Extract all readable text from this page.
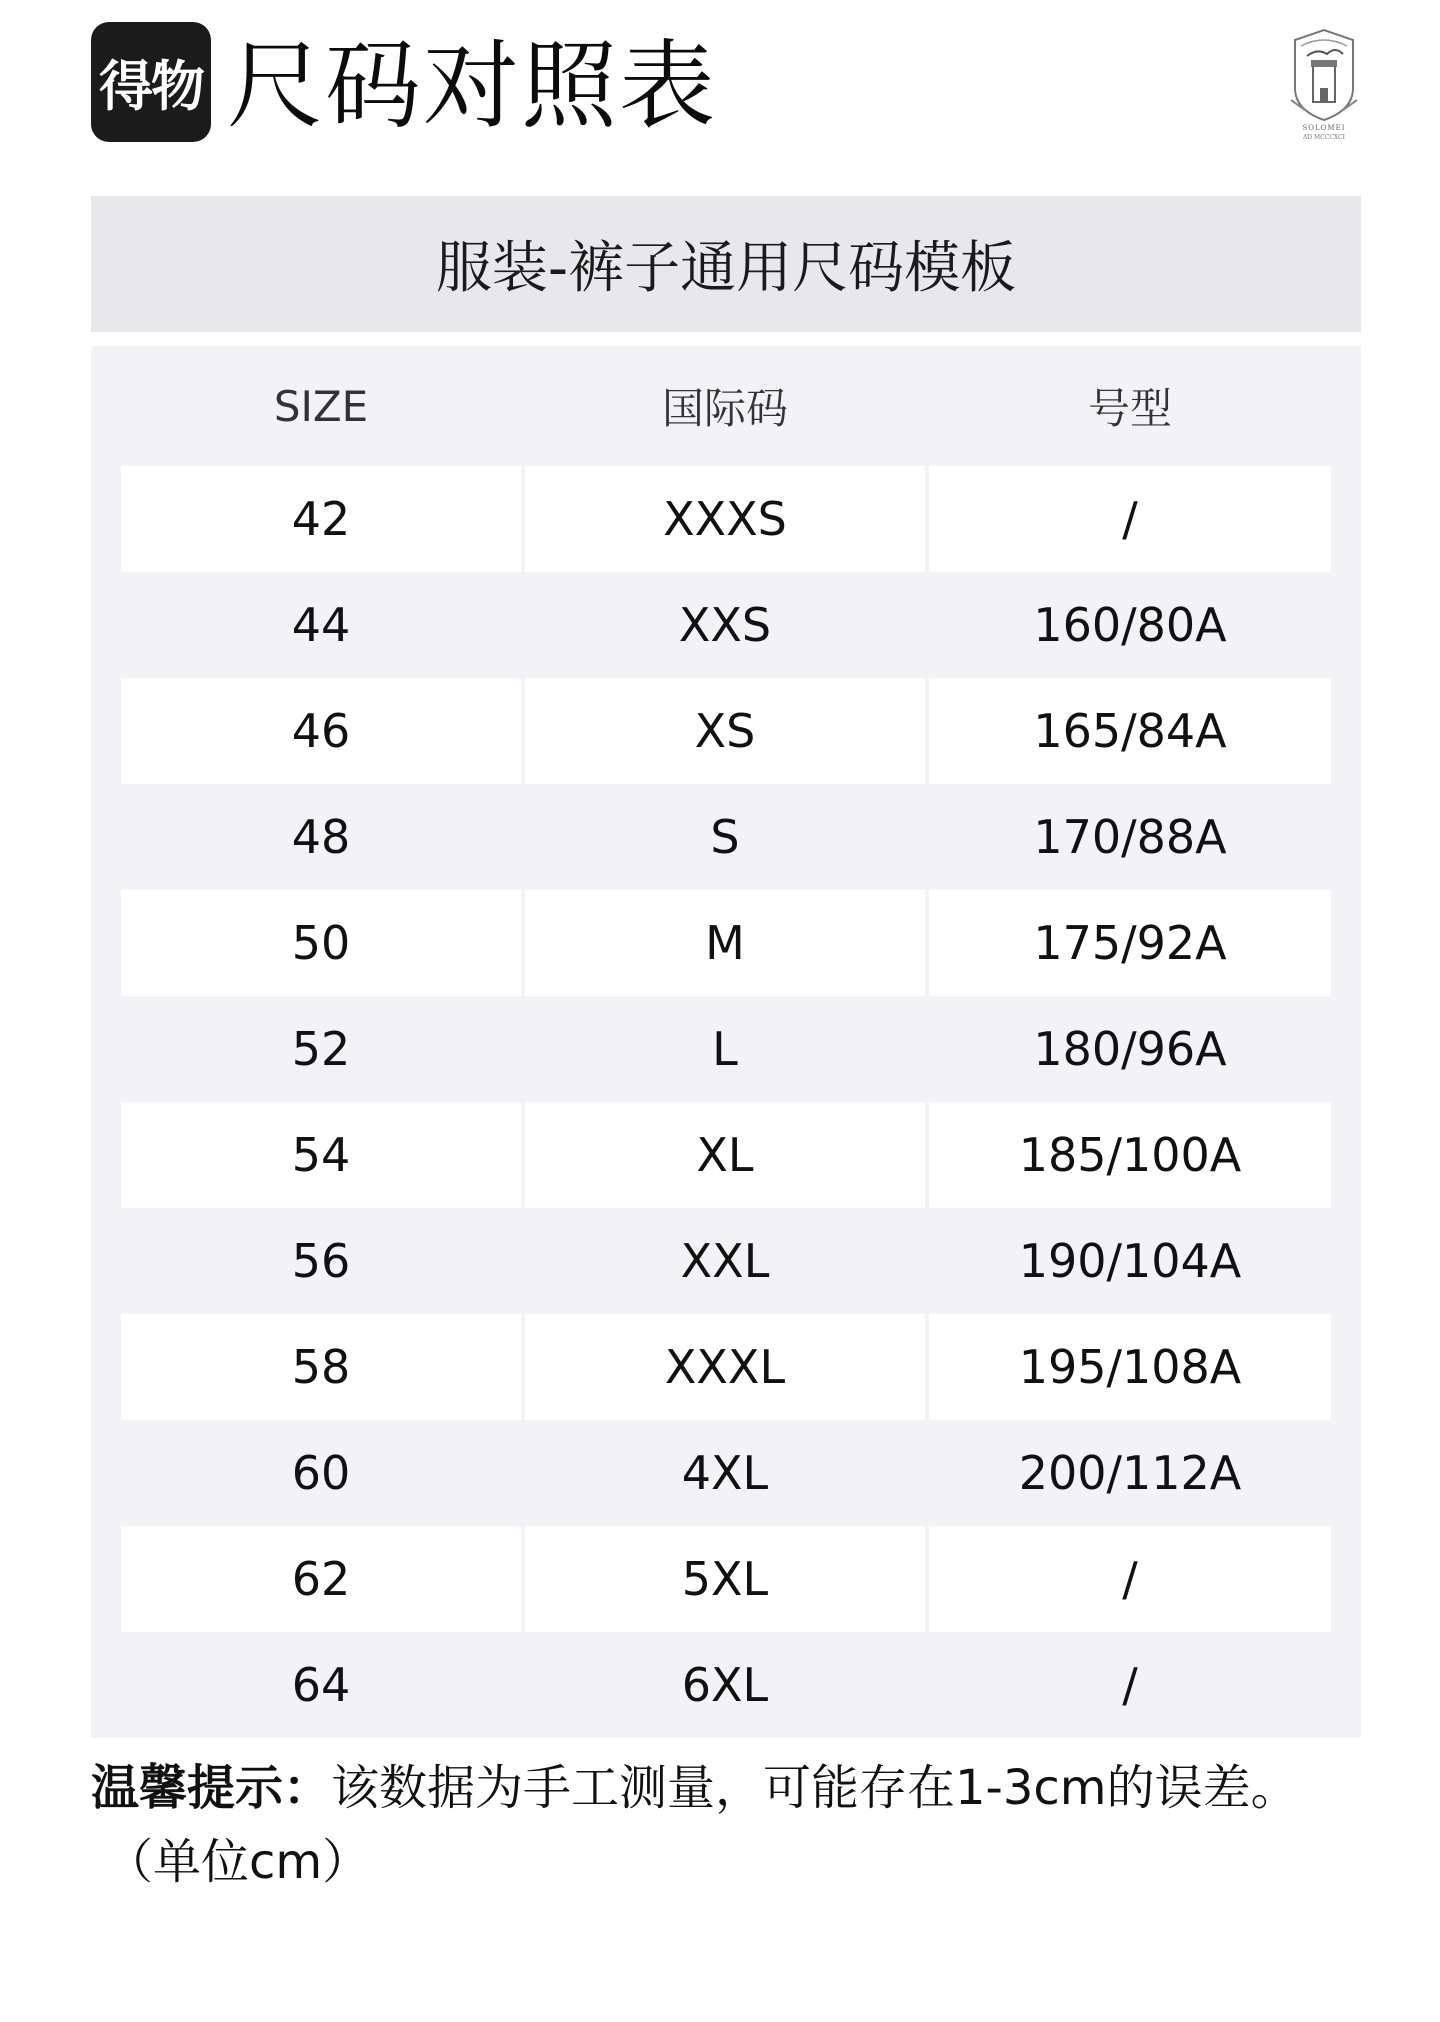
得物 尺码对照表	SOLOMEI
AD MCCCXCI
服装-裤子通用尺码模板
SIZE	国际码	号型
42	XXXS	/
44	XXS	160/80A
46	XS	165/84A
48	S	170/88A
50	M	175/92A
52	L	180/96A
54	XL	185/100A
56	XXL	190/104A
58	XXXL	195/108A
60	4XL	200/112A
62	5XL	/
64	6XL	/
温馨提示：该数据为手工测量，可能存在1-3cm的误差。
（单位cm）
